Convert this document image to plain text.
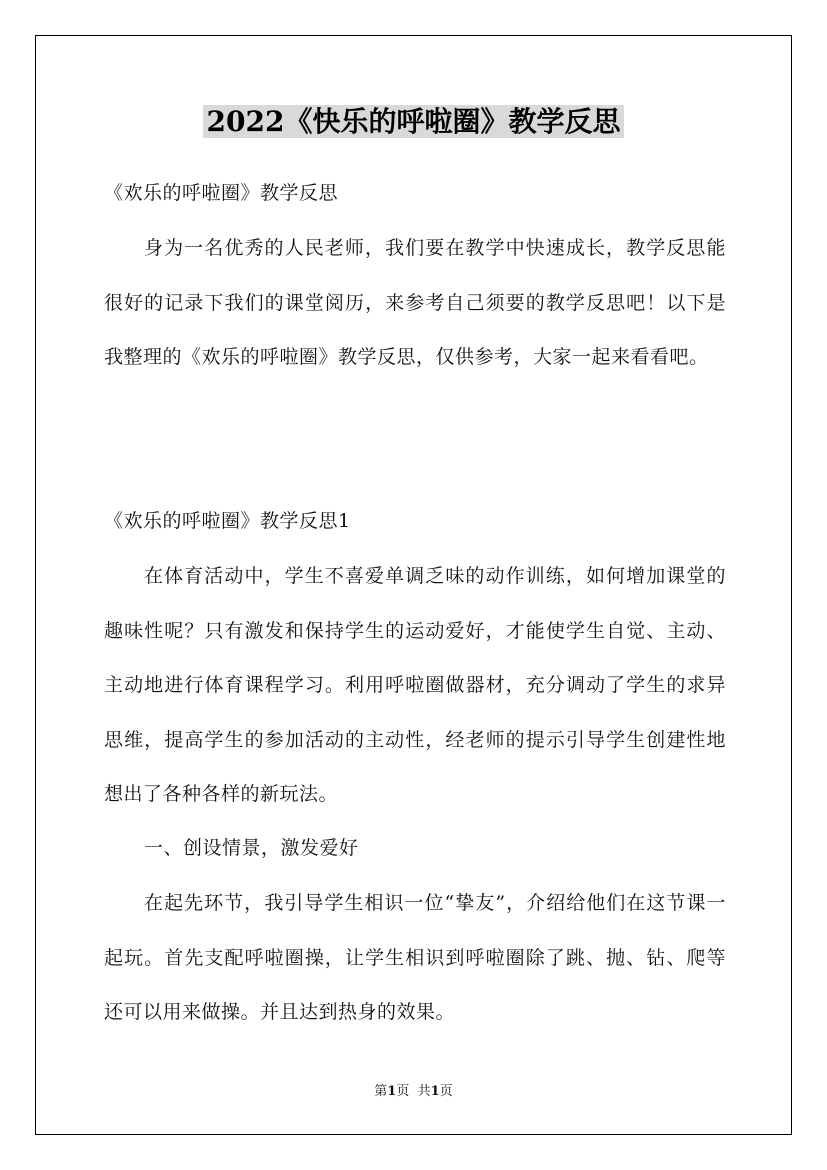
2022《快乐的呼啦圈》教学反思
《欢乐的呼啦圈》教学反思
身为一名优秀的人民老师，我们要在教学中快速成长，教学反思能很好的记录下我们的课堂阅历，来参考自己须要的教学反思吧！以下是我整理的《欢乐的呼啦圈》教学反思，仅供参考，大家一起来看看吧。
《欢乐的呼啦圈》教学反思1
在体育活动中，学生不喜爱单调乏味的动作训练，如何增加课堂的趣味性呢？只有激发和保持学生的运动爱好，才能使学生自觉、主动、主动地进行体育课程学习。利用呼啦圈做器材，充分调动了学生的求异思维，提高学生的参加活动的主动性，经老师的提示引导学生创建性地想出了各种各样的新玩法。
一、创设情景，激发爱好
在起先环节，我引导学生相识一位“挚友”，介绍给他们在这节课一起玩。首先支配呼啦圈操，让学生相识到呼啦圈除了跳、抛、钻、爬等还可以用来做操。并且达到热身的效果。
第1页 共1页
